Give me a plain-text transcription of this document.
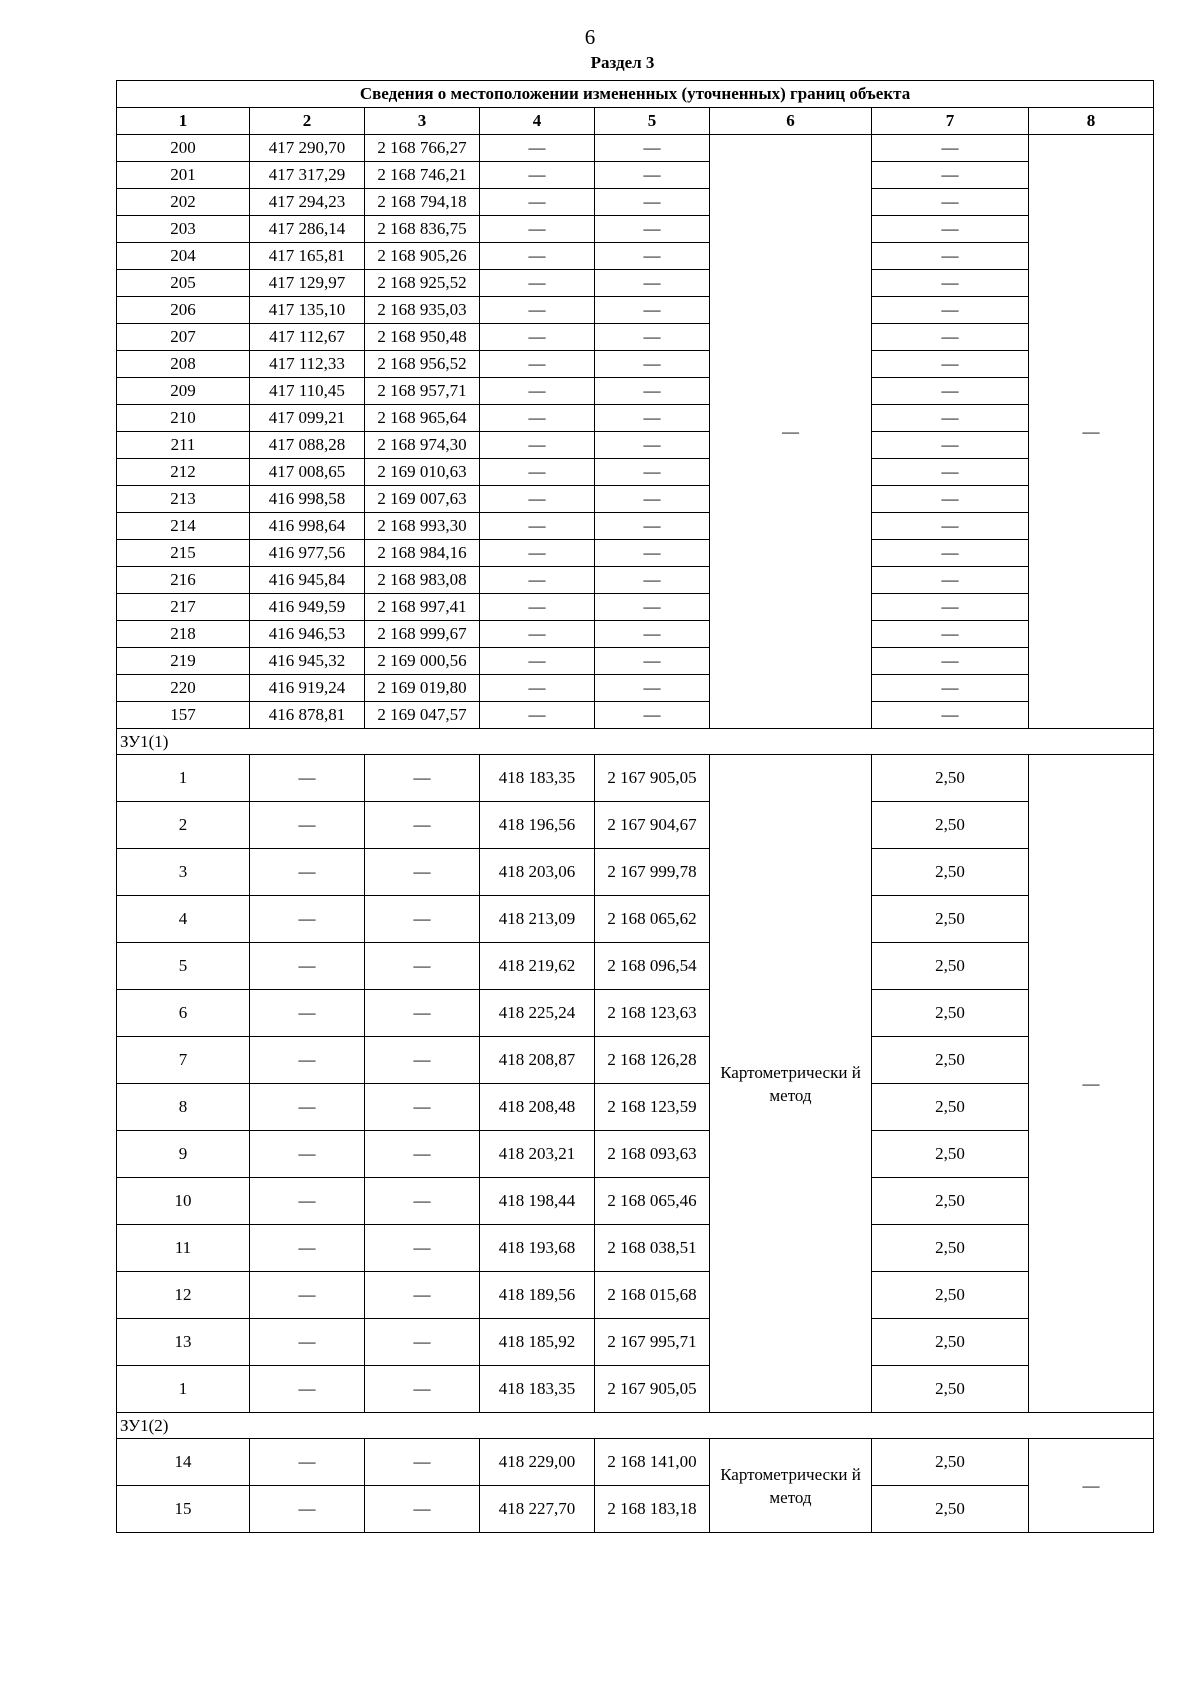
6
Раздел 3
Сведения о местоположении измененных (уточненных) границ объекта							
1	2	3	4	5	6	7	8
200	417 290,70	2 168 766,27	—	—	—	—	—
201	417 317,29	2 168 746,21	—	—		—	
202	417 294,23	2 168 794,18	—	—		—	
203	417 286,14	2 168 836,75	—	—		—	
204	417 165,81	2 168 905,26	—	—		—	
205	417 129,97	2 168 925,52	—	—		—	
206	417 135,10	2 168 935,03	—	—		—	
207	417 112,67	2 168 950,48	—	—		—	
208	417 112,33	2 168 956,52	—	—		—	
209	417 110,45	2 168 957,71	—	—		—	
210	417 099,21	2 168 965,64	—	—		—	
211	417 088,28	2 168 974,30	—	—		—	
212	417 008,65	2 169 010,63	—	—		—	
213	416 998,58	2 169 007,63	—	—		—	
214	416 998,64	2 168 993,30	—	—		—	
215	416 977,56	2 168 984,16	—	—		—	
216	416 945,84	2 168 983,08	—	—		—	
217	416 949,59	2 168 997,41	—	—		—	
218	416 946,53	2 168 999,67	—	—		—	
219	416 945,32	2 169 000,56	—	—		—	
220	416 919,24	2 169 019,80	—	—		—	
157	416 878,81	2 169 047,57	—	—		—	
ЗУ1(1)							
1	—	—	418 183,35	2 167 905,05	Картометрически й метод	2,50	—
2	—	—	418 196,56	2 167 904,67		2,50	
3	—	—	418 203,06	2 167 999,78		2,50	
4	—	—	418 213,09	2 168 065,62		2,50	
5	—	—	418 219,62	2 168 096,54		2,50	
6	—	—	418 225,24	2 168 123,63		2,50	
7	—	—	418 208,87	2 168 126,28		2,50	
8	—	—	418 208,48	2 168 123,59		2,50	
9	—	—	418 203,21	2 168 093,63		2,50	
10	—	—	418 198,44	2 168 065,46		2,50	
11	—	—	418 193,68	2 168 038,51		2,50	
12	—	—	418 189,56	2 168 015,68		2,50	
13	—	—	418 185,92	2 167 995,71		2,50	
1	—	—	418 183,35	2 167 905,05		2,50	
ЗУ1(2)							
14	—	—	418 229,00	2 168 141,00	Картометрически й метод	2,50	—
15	—	—	418 227,70	2 168 183,18		2,50	
